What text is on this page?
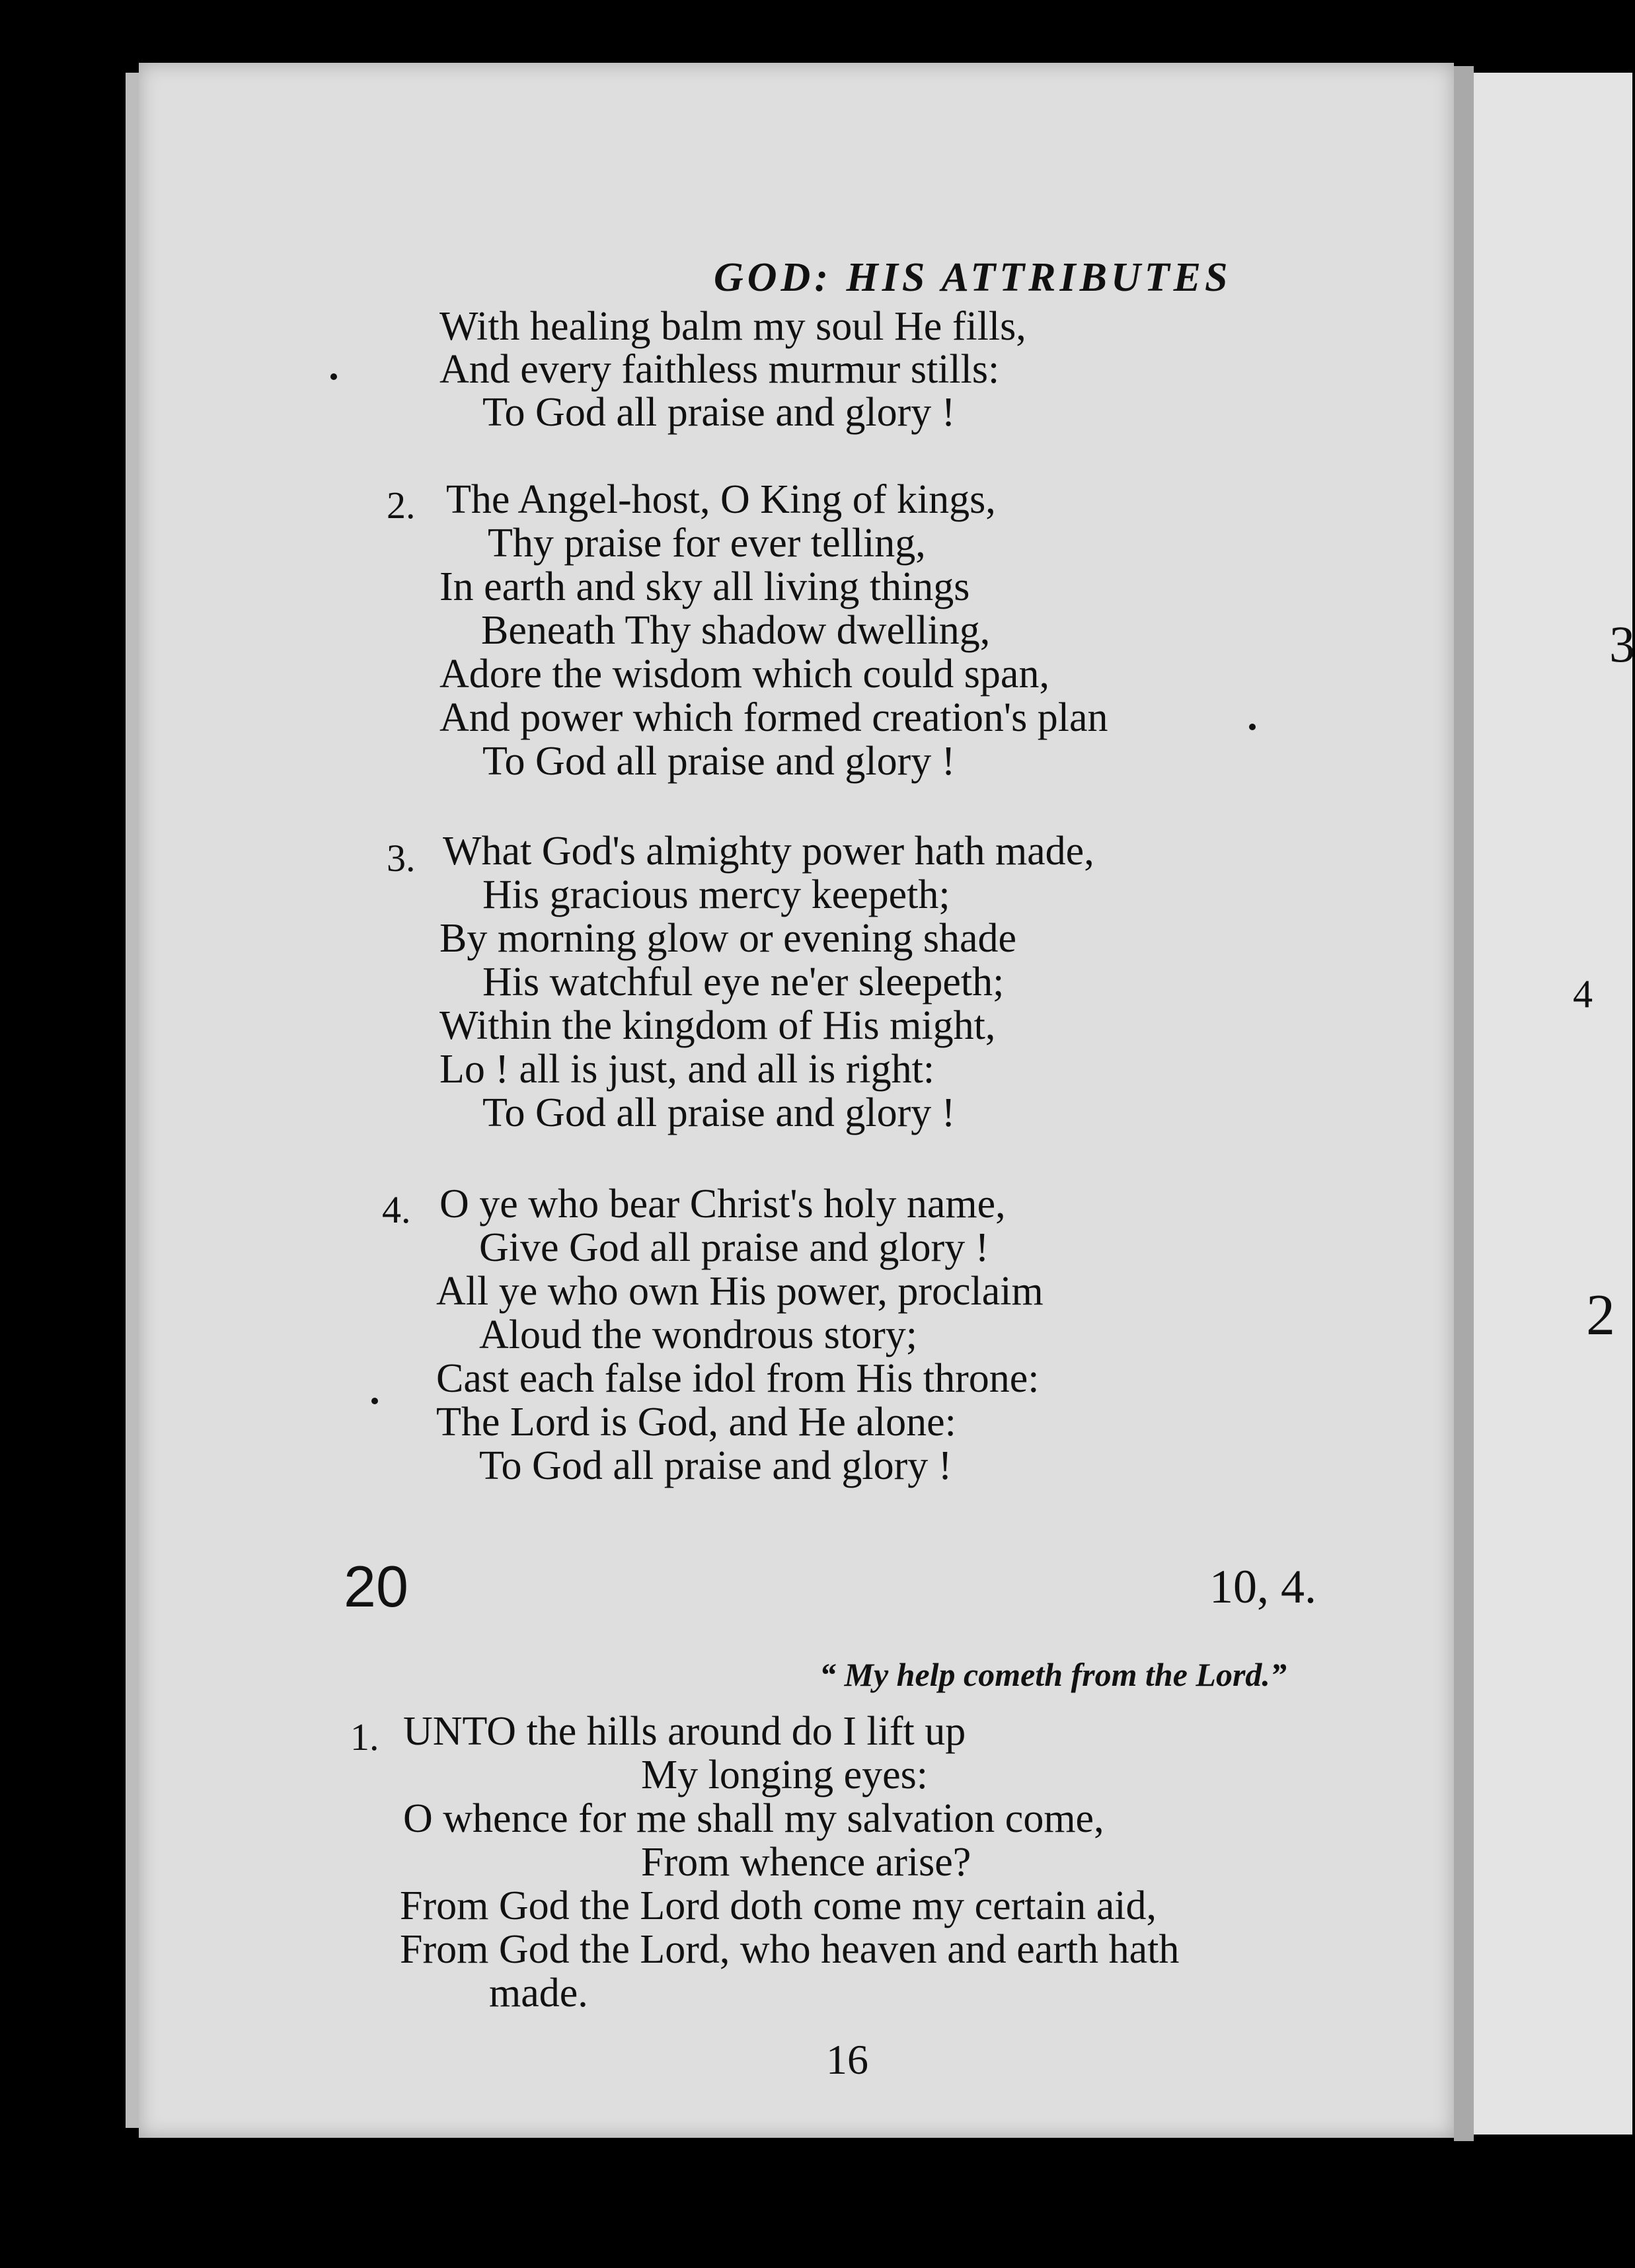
3
4
2
GOD: HIS ATTRIBUTES
With healing balm my soul He fills,
And every faithless murmur stills:
To God all praise and glory !
2. The Angel-host, O King of kings,
Thy praise for ever telling,
In earth and sky all living things
Beneath Thy shadow dwelling,
Adore the wisdom which could span,
And power which formed creation's plan
To God all praise and glory !
3. What God's almighty power hath made,
His gracious mercy keepeth;
By morning glow or evening shade
His watchful eye ne'er sleepeth;
Within the kingdom of His might,
Lo ! all is just, and all is right:
To God all praise and glory !
4. O ye who bear Christ's holy name,
Give God all praise and glory !
All ye who own His power, proclaim
Aloud the wondrous story;
Cast each false idol from His throne:
The Lord is God, and He alone:
To God all praise and glory !
20	10, 4.
“ My help cometh from the Lord.”
1. UNTO the hills around do I lift up
My longing eyes:
O whence for me shall my salvation come,
From whence arise?
From God the Lord doth come my certain aid,
From God the Lord, who heaven and earth hath
made.
16
